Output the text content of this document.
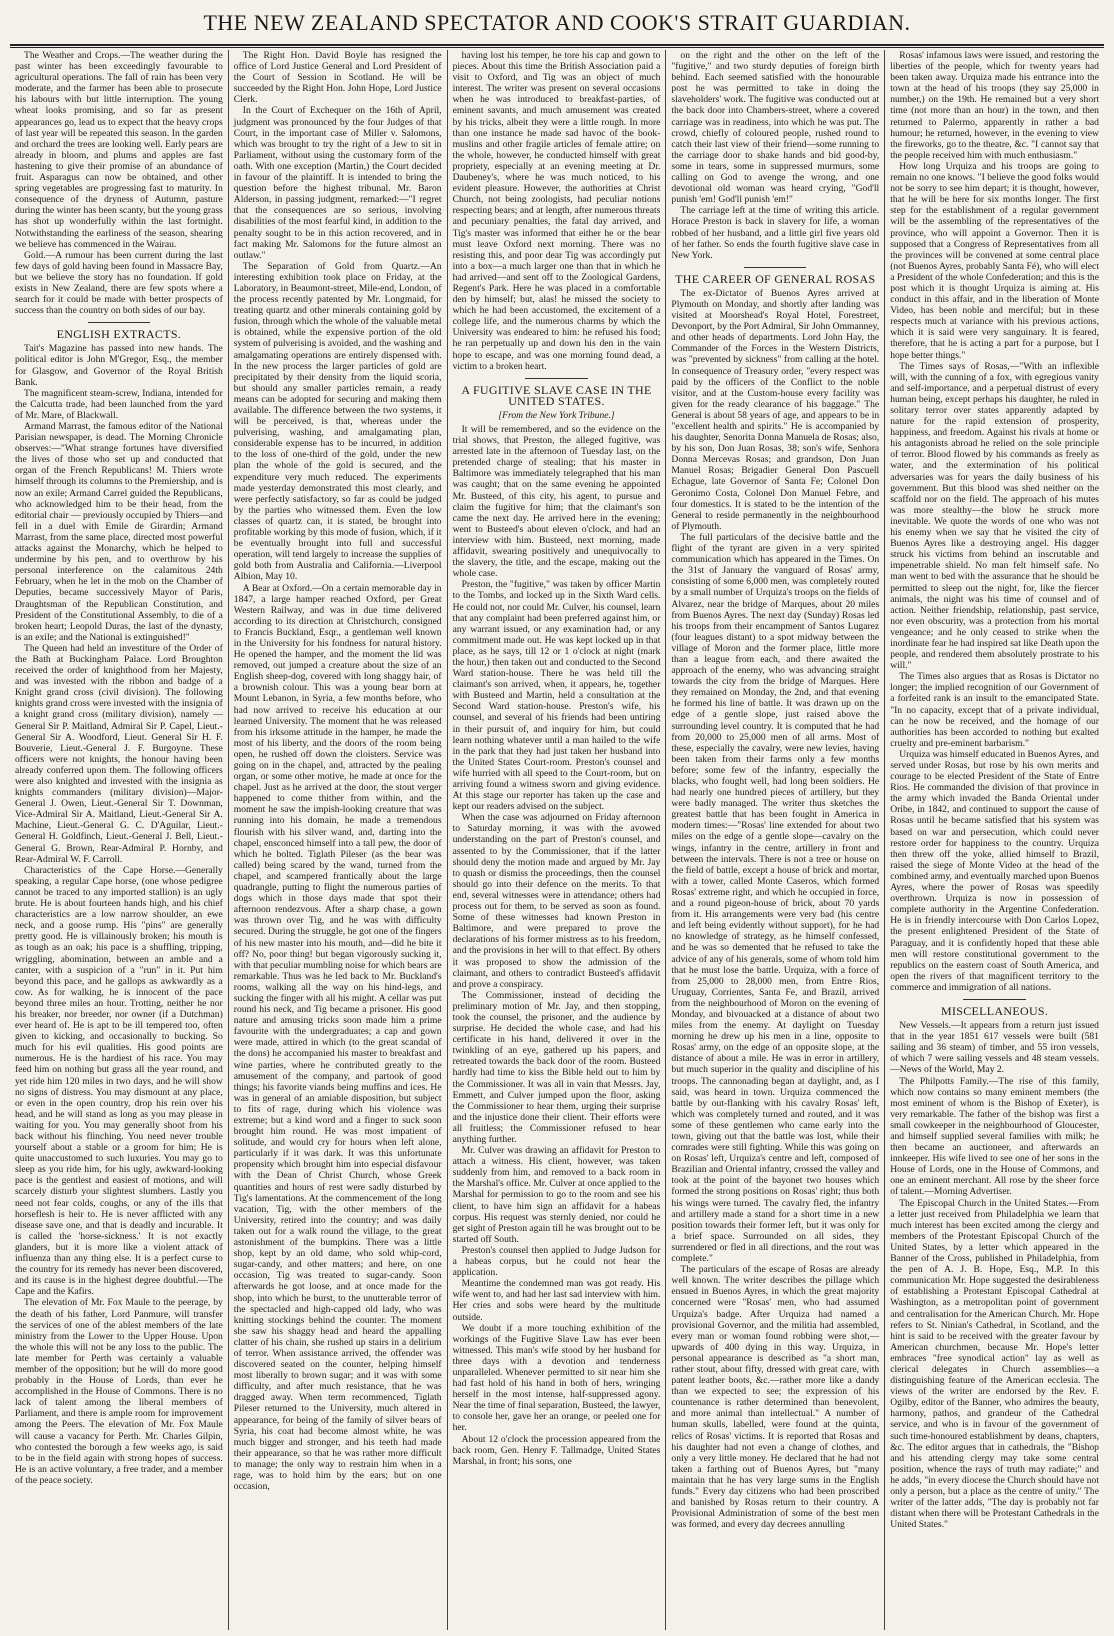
THE NEW ZEALAND SPECTATOR AND COOK'S STRAIT GUARDIAN.

The Weather and Crops.—The weather during the past winter has been exceedingly favourable to agricultural operations. The fall of rain has been very moderate, and the farmer has been able to prosecute his labours with but little interruption. The young wheat looks promising, and so far as present appearances go, lead us to expect that the heavy crops of last year will be repeated this season. In the garden and orchard the trees are looking well. Early pears are already in bloom, and plums and apples are fast hastening to give their promise of an abundance of fruit. Asparagus can now be obtained, and other spring vegetables are progressing fast to maturity. In consequence of the dryness of Autumn, pasture during the winter has been scanty, but the young grass has shot up wonderfully within the last fortnight. Notwithstanding the earliness of the season, shearing we believe has commenced in the Wairau.

Gold.—A rumour has been current during the last few days of gold having been found in Massacre Bay, but we believe the story has no foundation. If gold exists in New Zealand, there are few spots where a search for it could be made with better prospects of success than the country on both sides of our bay.

ENGLISH EXTRACTS.

Tait's Magazine has passed into new hands. The political editor is John M'Gregor, Esq., the member for Glasgow, and Governor of the Royal British Bank.

The magnificent steam-screw, Indiana, intended for the Calcutta trade, had been launched from the yard of Mr. Mare, of Blackwall.

Armand Marrast, the famous editor of the National Parisian newspaper, is dead. The Morning Chronicle observes:—"What strange fortunes have diversified the lives of those who set up and conducted that organ of the French Republicans! M. Thiers wrote himself through its columns to the Premiership, and is now an exile; Armand Carrel guided the Republicans, who acknowledged him to be their head, from the editorial chair — previously occupied by Thiers—and fell in a duel with Emile de Girardin; Armand Marrast, from the same place, directed most powerful attacks against the Monarchy, which he helped to undermine by his pen, and to overthrow by his personal interference on the calamitous 24th February, when he let in the mob on the Chamber of Deputies, became successively Mayor of Paris, Draughtsman of the Republican Constitution, and President of the Constitutional Assembly, to die of a broken heart; Leopold Duras, the last of the dynasty, is an exile; and the National is extinguished!"

The Queen had held an investiture of the Order of the Bath at Buckingham Palace. Lord Broughton received the order of knighthood from her Majesty, and was invested with the ribbon and badge of a Knight grand cross (civil division). The following knights grand cross were invested with the insignia of a knight grand cross (military division), namely —General Sir P. Maitland, Admiral Sir P. Capel, Lieut.-General Sir A. Woodford, Lieut. General Sir H. F. Bouverie, Lieut.-General J. F. Burgoyne. These officers were not knights, the honour having been already conferred upon them. The following officers were also knighted and invested with the insignia as knights commanders (military division)—Major-General J. Owen, Lieut.-General Sir T. Downman, Vice-Admiral Sir A. Maitland, Lieut.-General Sir A. Machine, Lieut.-General G. C. D'Aguilar, Lieut.-General H. Goldfinch, Lieut.-General J. Bell, Lieut.-General G. Brown, Rear-Admiral P. Hornby, and Rear-Admiral W. F. Carroll.

Characteristics of the Cape Horse.—Generally speaking, a regular Cape horse, (one whose pedigree cannot be traced to any imported stallion) is an ugly brute. He is about fourteen hands high, and his chief characteristics are a low narrow shoulder, an ewe neck, and a goose rump. His "pins" are generally pretty good. He is villainously broken; his mouth is as tough as an oak; his pace is a shuffling, tripping, wriggling, abomination, between an amble and a canter, with a suspicion of a "run" in it. Put him beyond this pace, and he gallops as awkwardly as a cow. As for walking, he is innocent of the pace beyond three miles an hour. Trotting, neither he nor his breaker, nor breeder, nor owner (if a Dutchman) ever heard of. He is apt to be ill tempered too, often given to kicking, and occasionally to bucking. So much for his evil qualities. His good points are numerous. He is the hardiest of his race. You may feed him on nothing but grass all the year round, and yet ride him 120 miles in two days, and he will show no signs of distress. You may dismount at any place, or even in the open country, drop his rein over his head, and he will stand as long as you may please in waiting for you. You may generally shoot from his back without his flinching. You need never trouble yourself about a stable or a groom for him; He is quite unaccustomed to such luxuries. You may go to sleep as you ride him, for his ugly, awkward-looking pace is the gentlest and easiest of motions, and will scarcely disturb your slightest slumbers. Lastly you need not fear colds, coughs, or any of the ills that horseflesh is heir to. He is never afflicted with any disease save one, and that is deadly and incurable. It is called the 'horse-sickness.' It is not exactly glanders, but it is more like a violent attack of influenza than any thing else. It is a perfect curse to the country for its remedy has never been discovered, and its cause is in the highest degree doubtful.—The Cape and the Kafirs.

The elevation of Mr. Fox Maule to the peerage, by the death of his father, Lord Panmure, will transfer the services of one of the ablest members of the late ministry from the Lower to the Upper House. Upon the whole this will not be any loss to the public. The late member for Perth was certainly a valuable member of the opposition; but he will do more good probably in the House of Lords, than ever he accomplished in the House of Commons. There is no lack of talent among the liberal members of Parliament, and there is ample room for improvement among the Peers. The elevation of Mr. Fox Maule will cause a vacancy for Perth. Mr. Charles Gilpin, who contested the borough a few weeks ago, is said to be in the field again with strong hopes of success. He is an active voluntary, a free trader, and a member of the peace society.

The Right Hon. David Boyle has resigned the office of Lord Justice General and Lord President of the Court of Session in Scotland. He will be succeeded by the Right Hon. John Hope, Lord Justice Clerk.

In the Court of Exchequer on the 16th of April, judgment was pronounced by the four Judges of that Court, in the important case of Miller v. Salomons, which was brought to try the right of a Jew to sit in Parliament, without using the customary form of the oath. With one exception (Martin,) the Court decided in favour of the plaintiff. It is intended to bring the question before the highest tribunal. Mr. Baron Alderson, in passing judgment, remarked:—"I regret that the consequences are so serious, involving disabilities of the most fearful kind, in addition to the penalty sought to be in this action recovered, and in fact making Mr. Salomons for the future almost an outlaw."

The Separation of Gold from Quartz.—An interesting exhibition took place on Friday, at the Laboratory, in Beaumont-street, Mile-end, London, of the process recently patented by Mr. Longmaid, for treating quartz and other minerals containing gold by fusion, through which the whole of the valuable metal is obtained, while the expensive portion of the old system of pulverising is avoided, and the washing and amalgamating operations are entirely dispensed with. In the new process the larger particles of gold are precipitated by their density from the liquid scoria, but should any smaller particles remain, a ready means can be adopted for securing and making them available. The difference between the two systems, it will be perceived, is that, whereas under the pulverising, washing, and amalgamating plan, considerable expense has to be incurred, in addition to the loss of one-third of the gold, under the new plan the whole of the gold is secured, and the expenditure very much reduced. The experiments made yesterday demonstrated this most clearly, and were perfectly satisfactory, so far as could be judged by the parties who witnessed them. Even the low classes of quartz can, it is stated, be brought into profitable working by this mode of fusion, which, if it be eventually brought into full and successful operation, will tend largely to increase the supplies of gold both from Australia and California.—Liverpool Albion, May 10.

A Bear at Oxford.—On a certain memorable day in 1847, a large hamper reached Oxford, per Great Western Railway, and was in due time delivered according to its direction at Christchurch, consigned to Francis Buckland, Esqr., a gentleman well known in the University for his fondness for natural history. He opened the hamper, and the moment the lid was removed, out jumped a creature about the size of an English sheep-dog, covered with long shaggy hair, of a brownish colour. This was a young bear born at Mount Lebanon, in Syria, a few months before, who had now arrived to receive his education at our learned University. The moment that he was released from his irksome attitude in the hamper, he made the most of his liberty, and the doors of the room being open, he rushed off down the cloisters. Service was going on in the chapel, and, attracted by the pealing organ, or some other motive, he made at once for the chapel. Just as he arrived at the door, the stout verger happened to come thither from within, and the moment he saw the impish-looking creature that was running into his domain, he made a tremendous flourish with his silver wand, and, darting into the chapel, ensconced himself into a tall pew, the door of which he bolted. Tiglath Pileser (as the bear was called) being scared by the wand, turned from the chapel, and scampered frantically about the large quadrangle, putting to flight the numerous parties of dogs which in those days made that spot their afternoon rendezvous. After a sharp chase, a gown was thrown over Tig, and he was with difficulty secured. During the struggle, he got one of the fingers of his new master into his mouth, and—did he bite it off? No, poor thing! but began vigorously sucking it, with that peculiar mumbling noise for which bears are remarkable. Thus was he led back to Mr. Buckland's rooms, walking all the way on his hind-legs, and sucking the finger with all his might. A cellar was put round his neck, and Tig became a prisoner. His good nature and amusing tricks soon made him a prime favourite with the undergraduates; a cap and gown were made, attired in which (to the great scandal of the dons) he accompanied his master to breakfast and wine parties, where he contributed greatly to the amusement of the company, and partook of good things; his favorite viands being muffins and ices. He was in general of an amiable disposition, but subject to fits of rage, during which his violence was extreme; but a kind word and a finger to suck soon brought him round. He was most impatient of solitude, and would cry for hours when left alone, particularly if it was dark. It was this unfortunate propensity which brought him into especial disfavour with the Dean of Christ Church, whose Greek quantities and hours of rest were sadly disturbed by Tig's lamentations. At the commencement of the long vacation, Tig, with the other members of the University, retired into the country; and was daily taken out for a walk round the village, to the great astonishment of the bumpkins. There was a little shop, kept by an old dame, who sold whip-cord, sugar-candy, and other matters; and here, on one occasion, Tig was treated to sugar-candy. Soon afterwards he got loose, and at once made for the shop, into which he burst, to the unutterable terror of the spectacled and high-capped old lady, who was knitting stockings behind the counter. The moment she saw his shaggy head and heard the appalling clatter of his chain, she rushed up stairs in a delirium of terror. When assistance arrived, the offender was discovered seated on the counter, helping himself most liberally to brown sugar; and it was with some difficulty, and after much resistance, that he was dragged away. When term recommenced, Tiglath Pileser returned to the University, much altered in appearance, for being of the family of silver bears of Syria, his coat had become almost white, he was much bigger and stronger, and his teeth had made their appearance, so that he was rather more difficult to manage; the only way to restrain him when in a rage, was to hold him by the ears; but on one occasion,

having lost his temper, he tore his cap and gown to pieces. About this time the British Association paid a visit to Oxford, and Tig was an object of much interest. The writer was present on several occasions when he was introduced to breakfast-parties, of eminent savants, and much amusement was created by his tricks, albeit they were a little rough. In more than one instance he made sad havoc of the book-muslins and other fragile articles of female attire; on the whole, however, he conducted himself with great propriety, especially at an evening meeting at Dr. Daubeney's, where he was much noticed, to his evident pleasure. However, the authorities at Christ Church, not being zoologists, had peculiar notions respecting bears; and at length, after numerous threats and pecuniary penalties, the fatal day arrived, and Tig's master was informed that either he or the bear must leave Oxford next morning. There was no resisting this, and poor dear Tig was accordingly put into a box—a much larger one than that in which he had arrived—and sent off to the Zoological Gardens, Regent's Park. Here he was placed in a comfortable den by himself; but, alas! he missed the society to which he had been accustomed, the excitement of a college life, and the numerous charms by which the University was endeared to him: he refused his food; he ran perpetually up and down his den in the vain hope to escape, and was one morning found dead, a victim to a broken heart.

A FUGITIVE SLAVE CASE IN THE UNITED STATES.

[From the New York Tribune.]

It will be remembered, and so the evidence on the trial shows, that Preston, the alleged fugitive, was arrested late in the afternoon of Tuesday last, on the pretended charge of stealing; that his master in Baltimore was immediately telegraphed that his man was caught; that on the same evening he appointed Mr. Busteed, of this city, his agent, to pursue and claim the fugitive for him; that the claimant's son came the next day. He arrived here in the evening; went to Busteed's about eleven o'clock, and had an interview with him. Busteed, next morning, made affidavit, swearing positively and unequivocally to the slavery, the title, and the escape, making out the whole case.

Preston, the "fugitive," was taken by officer Martin to the Tombs, and locked up in the Sixth Ward cells. He could not, nor could Mr. Culver, his counsel, learn that any complaint had been preferred against him, or any warrant issued, or any examination had, or any commitment made out. He was kept locked up in that place, as he says, till 12 or 1 o'clock at night (mark the hour,) then taken out and conducted to the Second Ward station-house. There he was held till the claimant's son arrived, when, it appears, he, together with Busteed and Martin, held a consultation at the Second Ward station-house. Preston's wife, his counsel, and several of his friends had been untiring in their pursuit of, and inquiry for him, but could learn nothing whatever until a man hailed to the wife in the park that they had just taken her husband into the United States Court-room. Preston's counsel and wife hurried with all speed to the Court-room, but on arriving found a witness sworn and giving evidence. At this stage our reporter has taken up the case and kept our readers advised on the subject.

When the case was adjourned on Friday afternoon to Saturday morning, it was with the avowed understanding on the part of Preston's counsel, and assented to by the Commissioner, that if the latter should deny the motion made and argued by Mr. Jay to quash or dismiss the proceedings, then the counsel should go into their defence on the merits. To that end, several witnesses were in attendance; others had process out for them, to be served as soon as found. Some of these witnesses had known Preston in Baltimore, and were prepared to prove the declarations of his former mistress as to his freedom, and the provisions in her will to that effect. By others it was proposed to show the admission of the claimant, and others to contradict Busteed's affidavit and prove a conspiracy.

The Commissioner, instead of deciding the preliminary motion of Mr. Jay, and then stopping, took the counsel, the prisoner, and the audience by surprise. He decided the whole case, and had his certificate in his hand, delivered it over in the twinkling of an eye, gathered up his papers, and retreated towards the back door of the room. Busteed hardly had time to kiss the Bible held out to him by the Commissioner. It was all in vain that Messrs. Jay, Emmett, and Culver jumped upon the floor, asking the Commissioner to hear them, urging their surprise and the injustice done their client. Their efforts were all fruitless; the Commissioner refused to hear anything further.

Mr. Culver was drawing an affidavit for Preston to attach a witness. His client, however, was taken suddenly from him, and removed to a back room in the Marshal's office. Mr. Culver at once applied to the Marshal for permission to go to the room and see his client, to have him sign an affidavit for a habeas corpus. His request was sternly denied, nor could he get sight of Preston again till he was brought out to be started off South.

Preston's counsel then applied to Judge Judson for a habeas corpus, but he could not hear the application.

Meantime the condemned man was got ready. His wife went to, and had her last sad interview with him. Her cries and sobs were heard by the multitude outside.

We doubt if a more touching exhibition of the workings of the Fugitive Slave Law has ever been witnessed. This man's wife stood by her husband for three days with a devotion and tenderness unparalleled. Whenever permitted to sit near him she had fast hold of his hand in both of hers, wringing herself in the most intense, half-suppressed agony. Near the time of final separation, Busteed, the lawyer, to console her, gave her an orange, or peeled one for her.

About 12 o'clock the procession appeared from the back room, Gen. Henry F. Tallmadge, United States Marshal, in front; his sons, one

on the right and the other on the left of the "fugitive," and two sturdy deputies of foreign birth behind. Each seemed satisfied with the honourable post he was permitted to take in doing the slaveholders' work. The fugitive was conducted out at the back door into Chambers-street, where a covered carriage was in readiness, into which he was put. The crowd, chiefly of coloured people, rushed round to catch their last view of their friend—some running to the carriage door to shake hands and bid good-by, some in tears, some in suppressed murmurs, some calling on God to avenge the wrong, and one devotional old woman was heard crying, "God'll punish 'em! God'll punish 'em!"

The carriage left at the time of writing this article. Horace Preston is back in slavery for life, a woman robbed of her husband, and a little girl five years old of her father. So ends the fourth fugitive slave case in New York.

THE CAREER OF GENERAL ROSAS

The ex-Dictator of Buenos Ayres arrived at Plymouth on Monday, and shortly after landing was visited at Moorshead's Royal Hotel, Forestreet, Devonport, by the Port Admiral, Sir John Ommanney, and other heads of departments. Lord John Hay, the Commander of the Forces in the Western Districts, was "prevented by sickness" from calling at the hotel. In consequence of Treasury order, "every respect was paid by the officers of the Conflict to the noble visitor, and at the Custom-house every facility was given for the ready clearance of his baggage." The General is about 58 years of age, and appears to be in "excellent health and spirits." He is accompanied by his daughter, Senorita Donna Manuela de Rosas; also, by his son, Don Juan Rosas, 38; son's wife, Senhora Donna Mercevas Rosas; and grandson, Don Juan Manuel Rosas; Brigadier General Don Pascuell Echague, late Governor of Santa Fe; Colonel Don Geronimo Costa, Colonel Don Manuel Febre, and four domestics. It is stated to be the intention of the General to reside permanently in the neighbourhood of Plymouth.

The full particulars of the decisive battle and the flight of the tyrant are given in a very spirited communication which has appeared in the Times. On the 31st of January the vanguard of Rosas' army, consisting of some 6,000 men, was completely routed by a small number of Urquiza's troops on the fields of Alvarez, near the bridge of Marques, about 20 miles from Buenos Ayres. The next day (Sunday) Rosas led his troops from their encampment of Santos Lugarez (four leagues distant) to a spot midway between the village of Moron and the former place, little more than a league from each, and there awaited the approach of the enemy, who was advancing straight towards the city from the bridge of Marques. Here they remained on Monday, the 2nd, and that evening he formed his line of battle. It was drawn up on the edge of a gentle slope, just raised above the surrounding level country. It is computed that he had from 20,000 to 25,000 men of all arms. Most of these, especially the cavalry, were new levies, having been taken from their farms only a few months before; some few of the infantry, especially the blacks, who fought well, had long been soldiers. He had nearly one hundred pieces of artillery, but they were badly managed. The writer thus sketches the greatest battle that has been fought in America in modern times:—"Rosas' line extended for about two miles on the edge of a gentle slope—cavalry on the wings, infantry in the centre, artillery in front and between the intervals. There is not a tree or house on the field of battle, except a house of brick and mortar, with a tower, called Monte Caseros, which formed Rosas' extreme right, and which he occupied in force, and a round pigeon-house of brick, about 70 yards from it. His arrangements were very bad (his centre and left being evidently without support), for he had no knowledge of strategy, as he himself confessed, and he was so demented that he refused to take the advice of any of his generals, some of whom told him that he must lose the battle. Urquiza, with a force of from 25,000 to 28,000 men, from Entre Rios, Uruguay, Corrientes, Santa Fe, and Brazil, arrived from the neighbourhood of Moron on the evening of Monday, and bivouacked at a distance of about two miles from the enemy. At daylight on Tuesday morning he drew up his men in a line, opposite to Rosas' army, on the edge of an opposite slope, at the distance of about a mile. He was in error in artillery, but much superior in the quality and discipline of his troops. The cannonading began at daylight, and, as I said, was heard in town. Urquiza commenced the battle by out-flanking with his cavalry Rosas' left, which was completely turned and routed, and it was some of these gentlemen who came early into the town, giving out that the battle was lost, while their comrades were still fighting. While this was going on on Rosas' left, Urquiza's centre and left, composed of Brazilian and Oriental infantry, crossed the valley and took at the point of the bayonet two houses which formed the strong positions on Rosas' right; thus both his wings were turned. The cavalry fled, the infantry and artillery made a stand for a short time in a new position towards their former left, but it was only for a brief space. Surrounded on all sides, they surrendered or fled in all directions, and the rout was complete."

The particulars of the escape of Rosas are already well known. The writer describes the pillage which ensued in Buenos Ayres, in which the great majority concerned were "Rosas' men, who had assumed Urquiza's badge. After Urquiza had named a provisional Governor, and the militia had assembled, every man or woman found robbing were shot,—upwards of 400 dying in this way. Urquiza, in personal appearance is described as "a short man, rather stout, about fifty, dressed with great care, with patent leather boots, &c.—rather more like a dandy than we expected to see; the expression of his countenance is rather determined than benevolent, and more animal than intellectual." A number of human skulls, labelled, were found at the quinta, relics of Rosas' victims. It is reported that Rosas and his daughter had not even a change of clothes, and only a very little money. He declared that he had not taken a farthing out of Buenos Ayres, but "many maintain that he has very large sums in the English funds." Every day citizens who had been proscribed and banished by Rosas return to their country. A Provisional Administration of some of the best men was formed, and every day decrees annulling

Rosas' infamous laws were issued, and restoring the liberties of the people, which for twenty years had been taken away. Urquiza made his entrance into the town at the head of his troops (they say 25,000 in number,) on the 19th. He remained but a very short time (not more than an hour) in the town, and then returned to Palermo, apparently in rather a bad humour; he returned, however, in the evening to view the fireworks, go to the theatre, &c. "I cannot say that the people received him with much enthusiasm."

How long Urquiza and his troops are going to remain no one knows. "I believe the good folks would not be sorry to see him depart; it is thought, however, that he will be here for six months longer. The first step for the establishment of a regular government will be the assembling of the representatives of the province, who will appoint a Governor. Then it is supposed that a Congress of Representatives from all the provinces will be convened at some central place (not Buenos Ayres, probably Santa Fé), who will elect a President of the whole Confederation; and this is the post which it is thought Urquiza is aiming at. His conduct in this affair, and in the liberation of Monte Video, has been noble and merciful; but in these respects much at variance with his previous actions, which it is said were very sanguinary. It is feared, therefore, that he is acting a part for a purpose, but I hope better things."

The Times says of Rosas,—"With an inflexible will, with the cunning of a fox, with egregious vanity and self-importance, and a perpetual distrust of every human being, except perhaps his daughter, he ruled in solitary terror over states apparently adapted by nature for the rapid extension of prosperity, happiness, and freedom. Against his rivals at home or his antagonists abroad he relied on the sole principle of terror. Blood flowed by his commands as freely as water, and the extermination of his political adversaries was for years the daily business of his government. But this blood was shed neither on the scaffold nor on the field. The approach of his mutes was more stealthy—the blow he struck more inevitable. We quote the words of one who was not his enemy when we say that he visited the city of Buenos Ayres like a destroying angel. His dagger struck his victims from behind an inscrutable and impenetrable shield. No man felt himself safe. No man went to bed with the assurance that he should be permitted to sleep out the night, for, like the fiercer animals, the night was his time of counsel and of action. Neither friendship, relationship, past service, nor even obscurity, was a protection from his mortal vengeance; and he only ceased to strike when the inordinate fear he had inspired sat like Death upon the people, and rendered them absolutely prostrate to his will."

The Times also argues that as Rosas is Dictator no longer; the implied recognition of our Government of a forfeited rank is an insult to the emancipated State. "In no capacity, except that of a private individual, can he now be received, and the homage of our authorities has been accorded to nothing but exalted cruelty and pre-eminent barbarism."

Urquiza was himself educated in Buenos Ayres, and served under Rosas, but rose by his own merits and courage to be elected President of the State of Entre Rios. He commanded the division of that province in the army which invaded the Banda Oriental under Oribe, in 1842, and continued to support the cause of Rosas until he became satisfied that his system was based on war and persecution, which could never restore order for happiness to the country. Urquiza then threw off the yoke, allied himself to Brazil, raised the siege of Monte Video at the head of the combined army, and eventually marched upon Buenos Ayres, where the power of Rosas was speedily overthrown. Urquiza is now in possession of complete authority in the Argentine Confederation. He is in friendly intercourse with Don Carlos Lopez, the present enlightened President of the State of Paraguay, and it is confidently hoped that these able men will restore constitutional government to the republics on the eastern coast of South America, and open the rivers of that magnificent territory to the commerce and immigration of all nations.

MISCELLANEOUS.

New Vessels.—It appears from a return just issued that in the year 1851 617 vessels were built (581 sailing and 36 steam) of timber, and 55 iron vessels, of which 7 were sailing vessels and 48 steam vessels.—News of the World, May 2.

The Philpotts Family.—The rise of this family, which now contains so many eminent members (the most eminent of whom is the Bishop of Exeter), is very remarkable. The father of the bishop was first a small cowkeeper in the neighbourhood of Gloucester, and himself supplied several families with milk; he then became an auctioneer, and afterwards an innkeeper. His wife lived to see one of her sons in the House of Lords, one in the House of Commons, and one an eminent merchant. All rose by the sheer force of talent.—Morning Advertiser.

The Episcopal Church in the United States.—From a letter just received from Philadelphia we learn that much interest has been excited among the clergy and members of the Protestant Episcopal Church of the United States, by a letter which appeared in the Banner of the Cross, published in Philadelphia, from the pen of A. J. B. Hope, Esq., M.P. In this communication Mr. Hope suggested the desirableness of establishing a Protestant Episcopal Cathedral at Washington, as a metropolitan point of government and centralisation for the American Church. Mr. Hope refers to St. Ninian's Cathedral, in Scotland, and the hint is said to be received with the greater favour by American churchmen, because Mr. Hope's letter embraces "free synodical action" lay as well as clerical delegates in Church assemblies—a distinguishing feature of the American ecclesia. The views of the writer are endorsed by the Rev. F. Ogilby, editor of the Banner, who admires the beauty, harmony, pathos, and grandeur of the Cathedral service, and who is in favour of the government of such time-honoured establishment by deans, chapters, &c. The editor argues that in cathedrals, the "Bishop and his attending clergy may take some central position, whence the rays of truth may radiate;" and he adds, "in every diocese the Church should have not only a person, but a place as the centre of unity." The writer of the latter adds, "The day is probably not far distant when there will be Protestant Cathedrals in the United States."
